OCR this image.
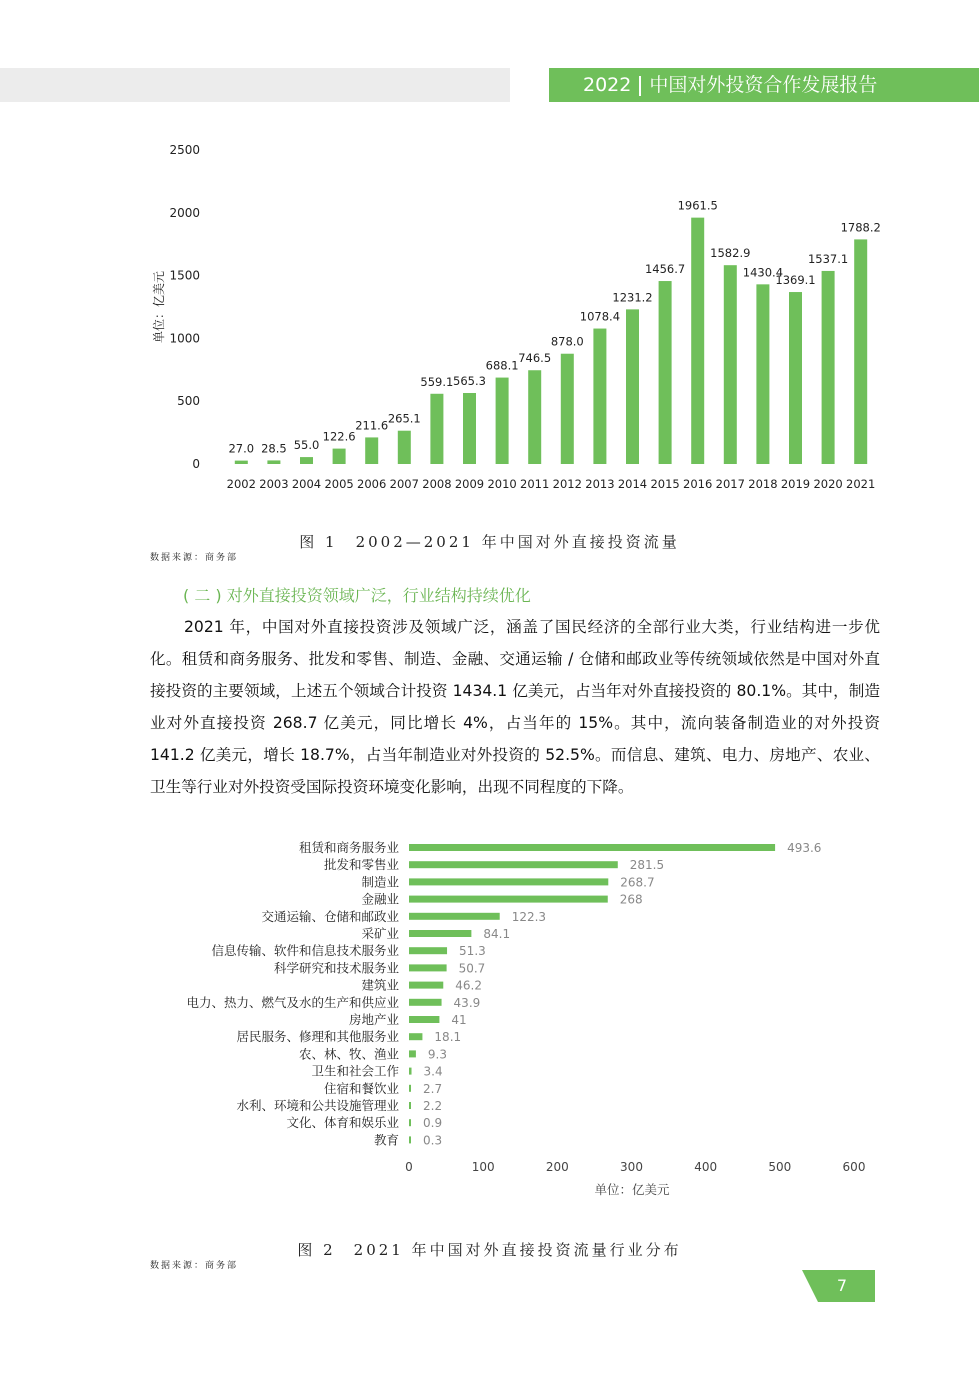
2022 中国对外投资合作发展报告
0
500
1000
1500
2000
2500
单位：亿美元
27.0
2002
28.5
2003
55.0
2004
122.6
2005
211.6
2006
265.1
2007
559.1
2008
565.3
2009
688.1
2010
746.5
2011
878.0
2012
1078.4
2013
1231.2
2014
1456.7
2015
1961.5
2016
1582.9
2017
1430.4
2018
1369.1
2019
1537.1
2020
1788.2
2021
图 1　2002—2021 年中国对外直接投资流量
数据来源：商务部
( 二 ) 对外直接投资领域广泛，行业结构持续优化

2021 年，中国对外直接投资涉及领域广泛，涵盖了国民经济的全部行业大类，行业结构进一步优化。租赁和商务服务、批发和零售、制造、金融、交通运输 / 仓储和邮政业等传统领域依然是中国对外直接投资的主要领域，上述五个领域合计投资 1434.1 亿美元，占当年对外直接投资的 80.1%。其中，制造业对外直接投资 268.7 亿美元，同比增长 4%，占当年的 15%。其中，流向装备制造业的对外投资 141.2 亿美元，增长 18.7%，占当年制造业对外投资的 52.5%。而信息、建筑、电力、房地产、农业、卫生等行业对外投资受国际投资环境变化影响，出现不同程度的下降。

租赁和商务服务业	493.6
批发和零售业	281.5
制造业	268.7
金融业	268
交通运输、仓储和邮政业	122.3
采矿业	84.1
信息传输、软件和信息技术服务业	51.3
科学研究和技术服务业	50.7
建筑业	46.2
电力、热力、燃气及水的生产和供应业	43.9
房地产业	41
居民服务、修理和其他服务业	18.1
农、林、牧、渔业 9.3
卫生和社会工作 3.4
住宿和餐饮业 2.7
水利、环境和公共设施管理业 2.2
文化、体育和娱乐业 0.9
教育 0.3
0	100	200	300	400	500	600
单位：亿美元
图 2　2021 年中国对外直接投资流量行业分布
数据来源：商务部
7
